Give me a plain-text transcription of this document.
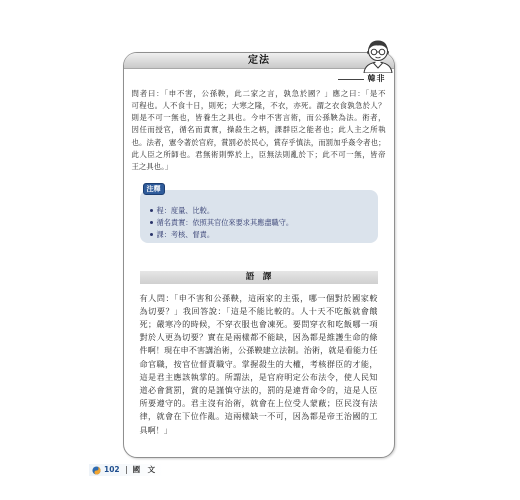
定法
韓非
問者曰：「申不害，公孫鞅，此二家之言，孰急於國？」應之曰：「是不
可程也。人不食十日，則死；大寒之隆，不衣，亦死。謂之衣食孰急於人？
則是不可一無也，皆養生之具也。今申不害言術，而公孫鞅為法。術者，
因任而授官，循名而責實，操殺生之柄，課群臣之能者也；此人主之所執
也。法者，憲令著於官府，賞罰必於民心，賞存乎慎法，而罰加乎姦令者也；
此人臣之所師也。君無術則弊於上，臣無法則亂於下；此不可一無，皆帝
王之具也。」
注釋
程：度量、比較。
循名責實：依照其官位來要求其應盡職守。
課：考核、督責。
語　譯
有人問：「申不害和公孫鞅，這兩家的主張，哪一個對於國家較
為切要？」我回答說：「這是不能比較的。人十天不吃飯就會餓
死；嚴寒冷的時候，不穿衣服也會凍死。要問穿衣和吃飯哪一項
對於人更為切要？實在是兩樣都不能缺，因為都是維護生命的條
件啊！現在申不害講治術，公孫鞅建立法制。治術，就是看能力任
命官職，按官位督責職守。掌握殺生的大權，考核群臣的才能，
這是君主應該執掌的。所謂法，是官府明定公布法令，使人民知
道必會賞罰，賞的是謹慎守法的，罰的是違背命令的，這是人臣
所要遵守的。君主沒有治術，就會在上位受人蒙蔽；臣民沒有法
律，就會在下位作亂。這兩樣缺一不可，因為都是帝王治國的工
具啊！」
102 國　文
